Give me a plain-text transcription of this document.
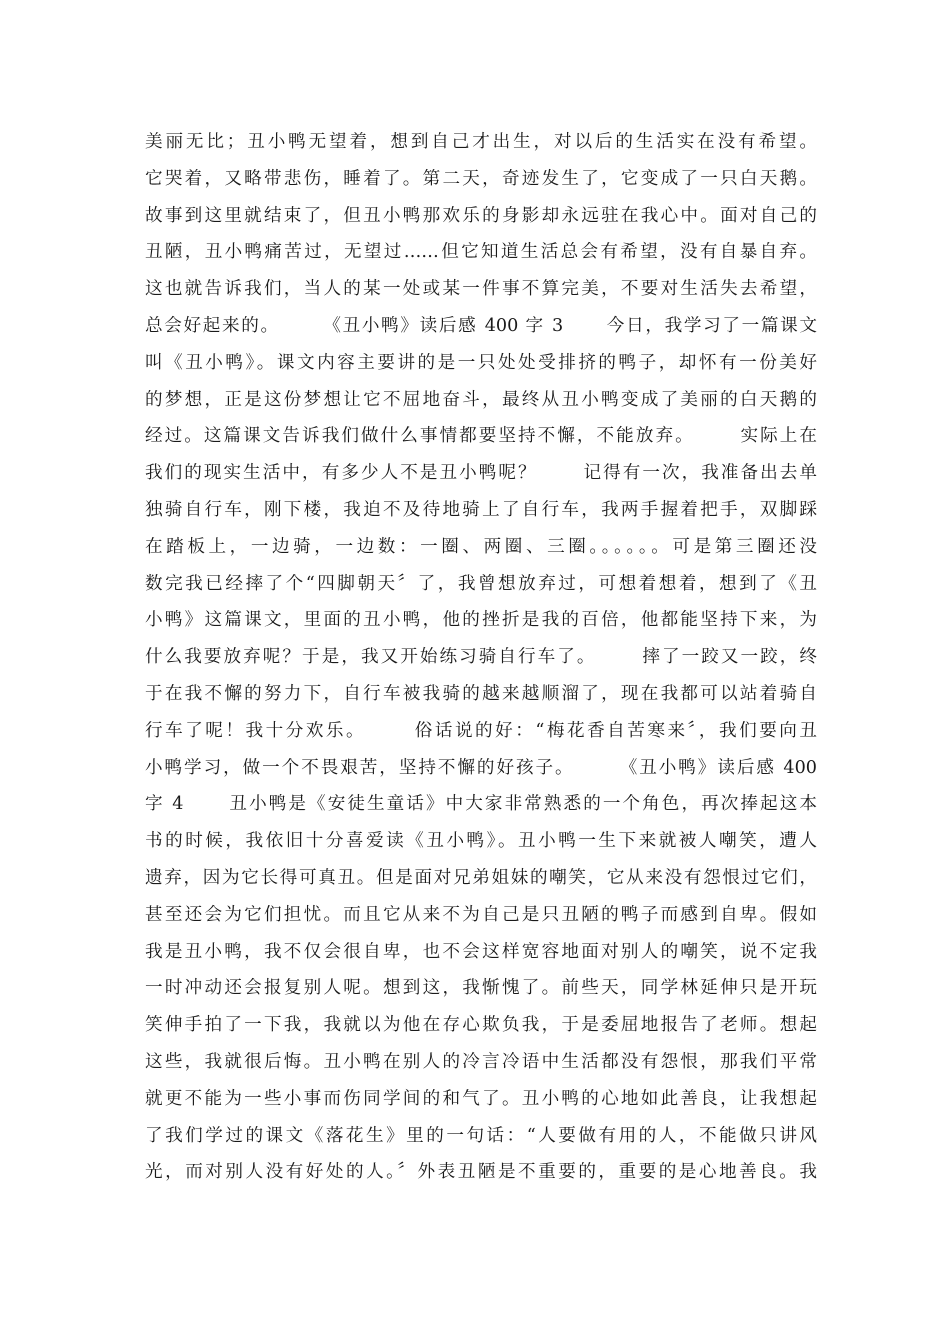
美丽无比；丑小鸭无望着，想到自己才出生，对以后的生活实在没有希望。
它哭着，又略带悲伤，睡着了。第二天，奇迹发生了，它变成了一只白天鹅。
故事到这里就结束了，但丑小鸭那欢乐的身影却永远驻在我心中。面对自己的
丑陋，丑小鸭痛苦过，无望过……但它知道生活总会有希望，没有自暴自弃。
这也就告诉我们，当人的某一处或某一件事不算完美，不要对生活失去希望，
总会好起来的。      《丑小鸭》读后感 400 字 3      今日，我学习了一篇课文
叫《丑小鸭》。课文内容主要讲的是一只处处受排挤的鸭子，却怀有一份美好
的梦想，正是这份梦想让它不屈地奋斗，最终从丑小鸭变成了美丽的白天鹅的
经过。这篇课文告诉我们做什么事情都要坚持不懈，不能放弃。      实际上在
我们的现实生活中，有多少人不是丑小鸭呢？      记得有一次，我准备出去单
独骑自行车，刚下楼，我迫不及待地骑上了自行车，我两手握着把手，双脚踩
在踏板上，一边骑，一边数：一圈、两圈、三圈。。。。。。可是第三圈还没
数完我已经摔了个“四脚朝天〞了，我曾想放弃过，可想着想着，想到了《丑
小鸭》这篇课文，里面的丑小鸭，他的挫折是我的百倍，他都能坚持下来，为
什么我要放弃呢？于是，我又开始练习骑自行车了。      摔了一跤又一跤，终
于在我不懈的努力下，自行车被我骑的越来越顺溜了，现在我都可以站着骑自
行车了呢！我十分欢乐。      俗话说的好：“梅花香自苦寒来〞，我们要向丑
小鸭学习，做一个不畏艰苦，坚持不懈的好孩子。      《丑小鸭》读后感 400
字 4      丑小鸭是《安徒生童话》中大家非常熟悉的一个角色，再次捧起这本
书的时候，我依旧十分喜爱读《丑小鸭》。丑小鸭一生下来就被人嘲笑，遭人
遗弃，因为它长得可真丑。但是面对兄弟姐妹的嘲笑，它从来没有怨恨过它们，
甚至还会为它们担忧。而且它从来不为自己是只丑陋的鸭子而感到自卑。假如
我是丑小鸭，我不仅会很自卑，也不会这样宽容地面对别人的嘲笑，说不定我
一时冲动还会报复别人呢。想到这，我惭愧了。前些天，同学林延伸只是开玩
笑伸手拍了一下我，我就以为他在存心欺负我，于是委屈地报告了老师。想起
这些，我就很后悔。丑小鸭在别人的冷言冷语中生活都没有怨恨，那我们平常
就更不能为一些小事而伤同学间的和气了。丑小鸭的心地如此善良，让我想起
了我们学过的课文《落花生》里的一句话：“人要做有用的人，不能做只讲风
光，而对别人没有好处的人。〞外表丑陋是不重要的，重要的是心地善良。我
